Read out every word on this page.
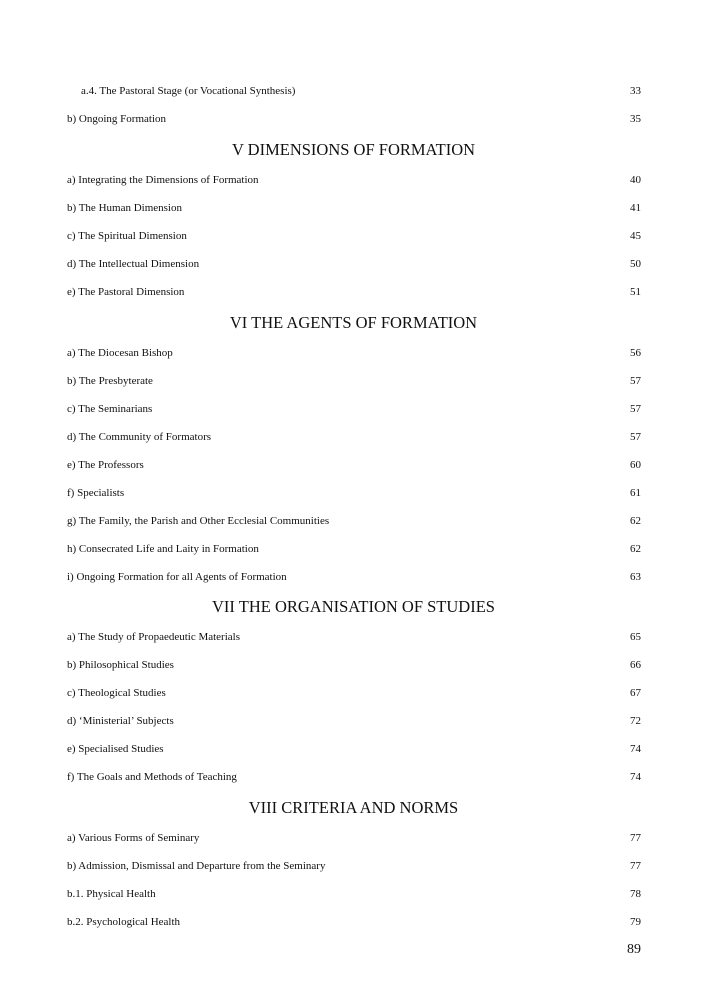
a.4. The Pastoral Stage (or Vocational Synthesis)	33
b) Ongoing Formation	35
V DIMENSIONS OF FORMATION
a) Integrating the Dimensions of Formation	40
b) The Human Dimension	41
c) The Spiritual Dimension	45
d) The Intellectual Dimension	50
e) The Pastoral Dimension	51
VI THE AGENTS OF FORMATION
a) The Diocesan Bishop	56
b) The Presbyterate	57
c) The Seminarians	57
d) The Community of Formators	57
e) The Professors	60
f) Specialists	61
g) The Family, the Parish and Other Ecclesial Communities	62
h) Consecrated Life and Laity in Formation	62
i) Ongoing Formation for all Agents of Formation	63
VII THE ORGANISATION OF STUDIES
a) The Study of Propaedeutic Materials	65
b) Philosophical Studies	66
c) Theological Studies	67
d) ‘Ministerial’ Subjects	72
e) Specialised Studies	74
f) The Goals and Methods of Teaching	74
VIII CRITERIA AND NORMS
a) Various Forms of Seminary	77
b) Admission, Dismissal and Departure from the Seminary	77
b.1. Physical Health	78
b.2. Psychological Health	79
89
